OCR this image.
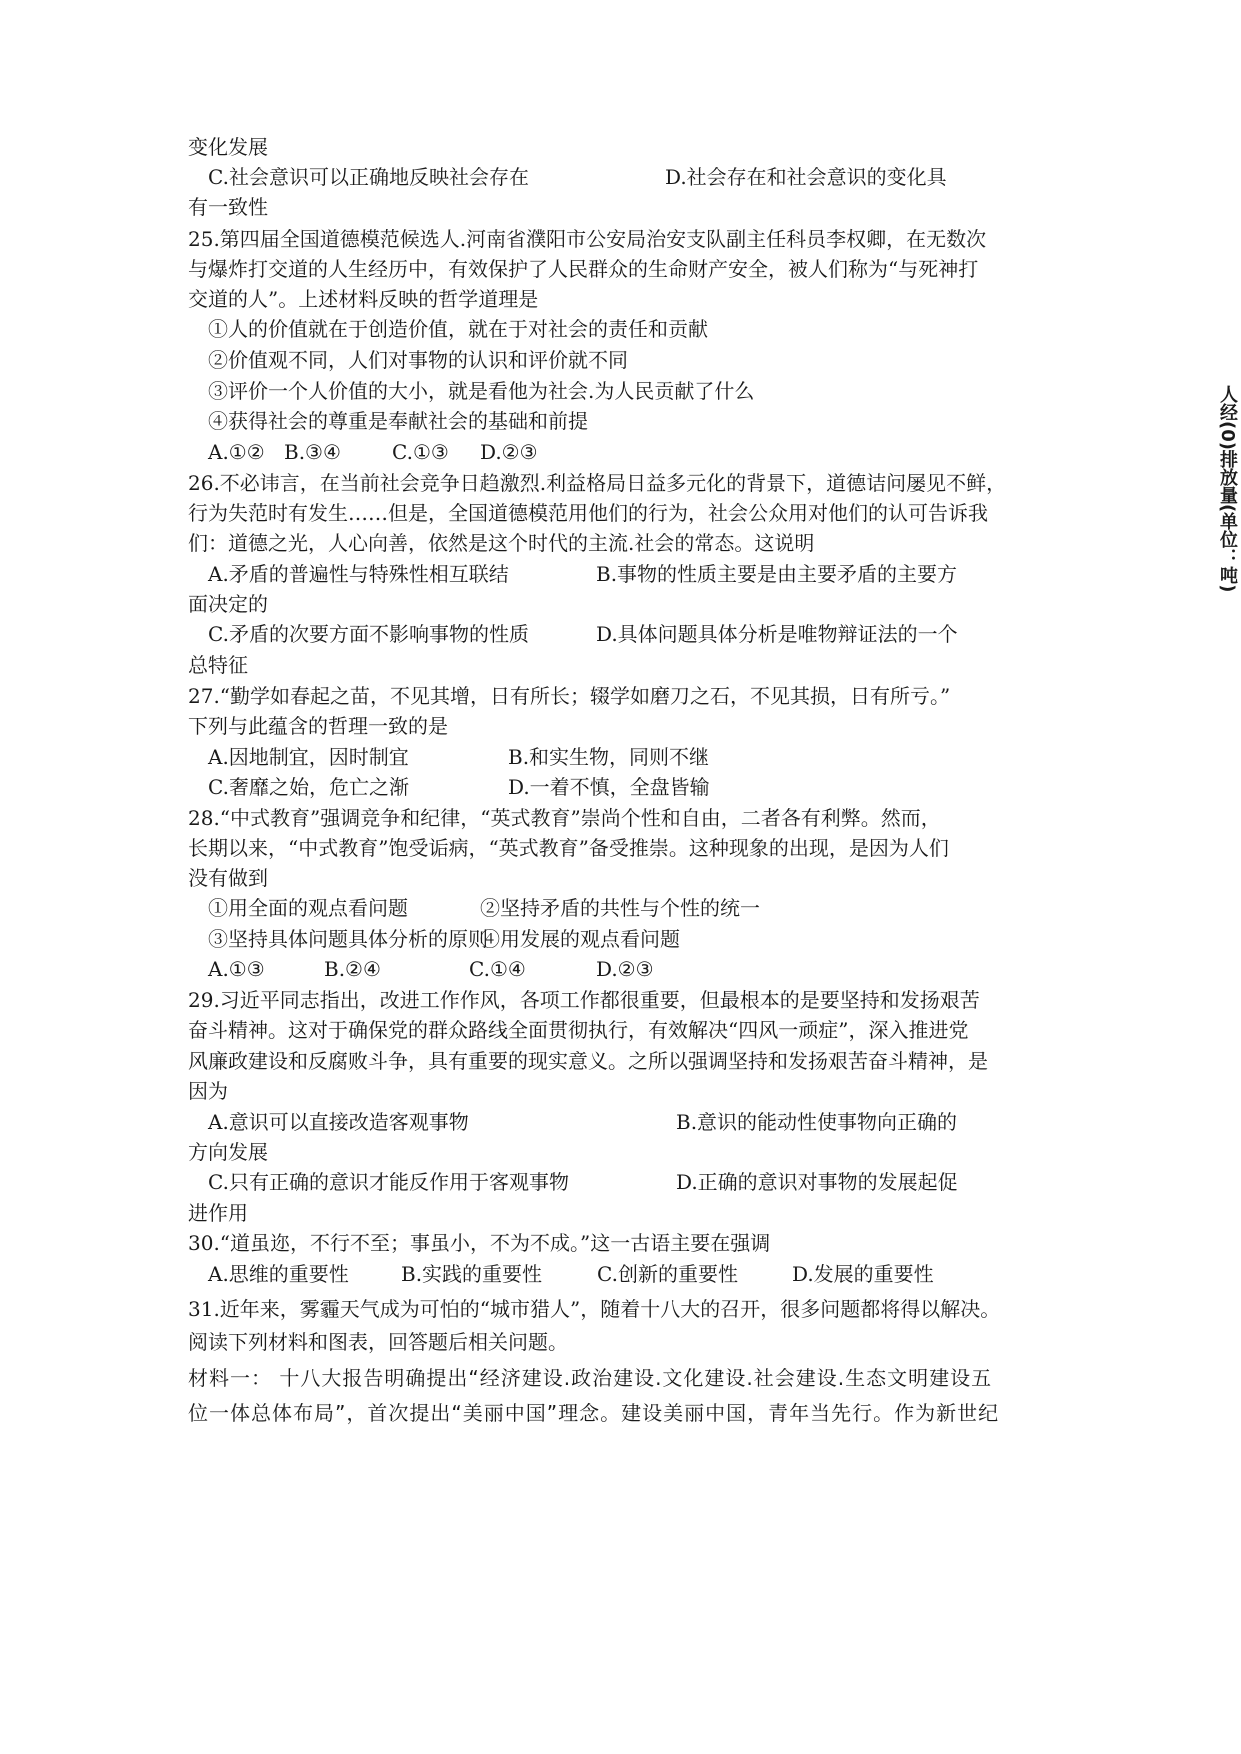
变化发展
C.社会意识可以正确地反映社会存在	D.社会存在和社会意识的变化具
有一致性
25.第四届全国道德模范候选人.河南省濮阳市公安局治安支队副主任科员李权卿，在无数次
与爆炸打交道的人生经历中，有效保护了人民群众的生命财产安全，被人们称为“与死神打
交道的人”。上述材料反映的哲学道理是
①人的价值就在于创造价值，就在于对社会的责任和贡献
②价值观不同，人们对事物的认识和评价就不同
③评价一个人价值的大小，就是看他为社会.为人民贡献了什么
④获得社会的尊重是奉献社会的基础和前提
A.①② B.③④	C.①③ D.②③
26.不必讳言，在当前社会竞争日趋激烈.利益格局日益多元化的背景下，道德诘问屡见不鲜，
行为失范时有发生……但是，全国道德模范用他们的行为，社会公众用对他们的认可告诉我
们：道德之光，人心向善，依然是这个时代的主流.社会的常态。这说明
A.矛盾的普遍性与特殊性相互联结	B.事物的性质主要是由主要矛盾的主要方
面决定的
C.矛盾的次要方面不影响事物的性质	D.具体问题具体分析是唯物辩证法的一个
总特征
27.“勤学如春起之苗，不见其增，日有所长；辍学如磨刀之石，不见其损，日有所亏。”
下列与此蕴含的哲理一致的是
A.因地制宜，因时制宜	B.和实生物，同则不继
C.奢靡之始，危亡之渐	D.一着不慎，全盘皆输
28.“中式教育”强调竞争和纪律，“英式教育”崇尚个性和自由，二者各有利弊。然而，
长期以来，“中式教育”饱受诟病，“英式教育”备受推崇。这种现象的出现，是因为人们
没有做到
①用全面的观点看问题	②坚持矛盾的共性与个性的统一
③坚持具体问题具体分析的原则
④用发展的观点看问题
A.①③	B.②④	C.①④	D.②③
29.习近平同志指出，改进工作作风，各项工作都很重要，但最根本的是要坚持和发扬艰苦
奋斗精神。这对于确保党的群众路线全面贯彻执行，有效解决“四风一顽症”，深入推进党
风廉政建设和反腐败斗争，具有重要的现实意义。之所以强调坚持和发扬艰苦奋斗精神，是
因为
A.意识可以直接改造客观事物	B.意识的能动性使事物向正确的
方向发展
C.只有正确的意识才能反作用于客观事物	D.正确的意识对事物的发展起促
进作用
30.“道虽迩，不行不至；事虽小，不为不成。”这一古语主要在强调
A.思维的重要性	B.实践的重要性	C.创新的重要性	D.发展的重要性
31.近年来，雾霾天气成为可怕的“城市猎人”，随着十八大的召开，很多问题都将得以解决。
阅读下列材料和图表，回答题后相关问题。
材料一： 十八大报告明确提出“经济建设.政治建设.文化建设.社会建设.生态文明建设五
位一体总体布局”，首次提出“美丽中国”理念。建设美丽中国，青年当先行。作为新世纪
人经(0)排放量(单位：吨)
